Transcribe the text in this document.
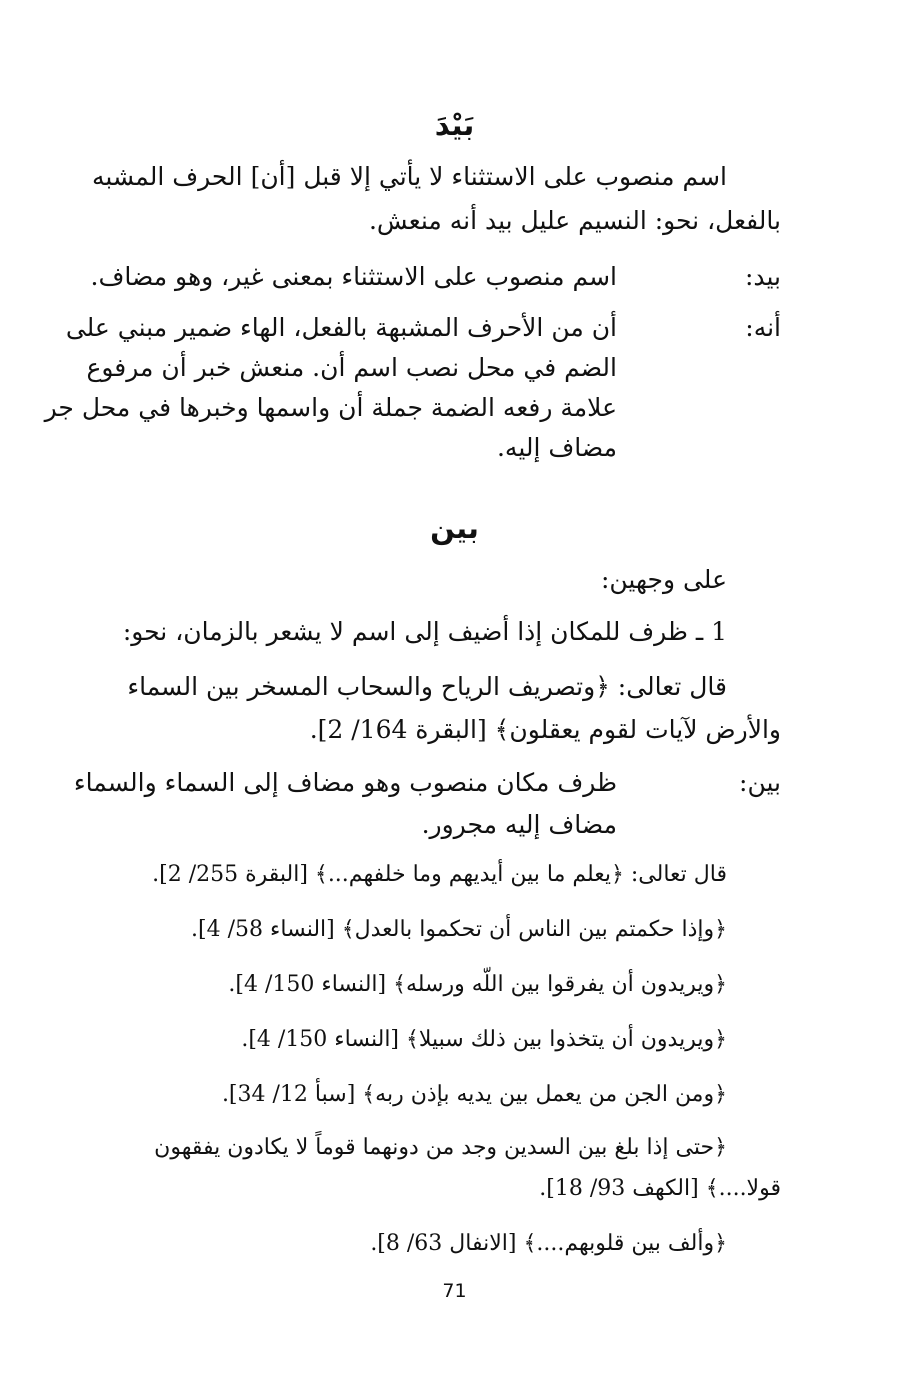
بَيْدَ
اسم منصوب على الاستثناء لا يأتي إلا قبل [أن] الحرف المشبه
بالفعل، نحو: النسيم عليل بيد أنه منعش.
بيد:
اسم منصوب على الاستثناء بمعنى غير، وهو مضاف.
أنه:
أن من الأحرف المشبهة بالفعل، الهاء ضمير مبني على
الضم في محل نصب اسم أن. منعش خبر أن مرفوع
علامة رفعه الضمة جملة أن واسمها وخبرها في محل جر
مضاف إليه.
بين
على وجهين:
1 ـ ظرف للمكان إذا أضيف إلى اسم لا يشعر بالزمان، نحو:
قال تعالى: ﴿وتصريف الرياح والسحاب المسخر بين السماء
والأرض لآيات لقوم يعقلون﴾ [البقرة 164/ 2].
بين:
ظرف مكان منصوب وهو مضاف إلى السماء والسماء
مضاف إليه مجرور.
قال تعالى: ﴿يعلم ما بين أيديهم وما خلفهم...﴾ [البقرة 255/ 2].
﴿وإذا حكمتم بين الناس أن تحكموا بالعدل﴾ [النساء 58/ 4].
﴿ويريدون أن يفرقوا بين اللّه ورسله﴾ [النساء 150/ 4].
﴿ويريدون أن يتخذوا بين ذلك سبيلا﴾ [النساء 150/ 4].
﴿ومن الجن من يعمل بين يديه بإذن ربه﴾ [سبأ 12/ 34].
﴿حتى إذا بلغ بين السدين وجد من دونهما قوماً لا يكادون يفقهون
قولا....﴾ [الكهف 93/ 18].
﴿وألف بين قلوبهم....﴾ [الانفال 63/ 8].
71
